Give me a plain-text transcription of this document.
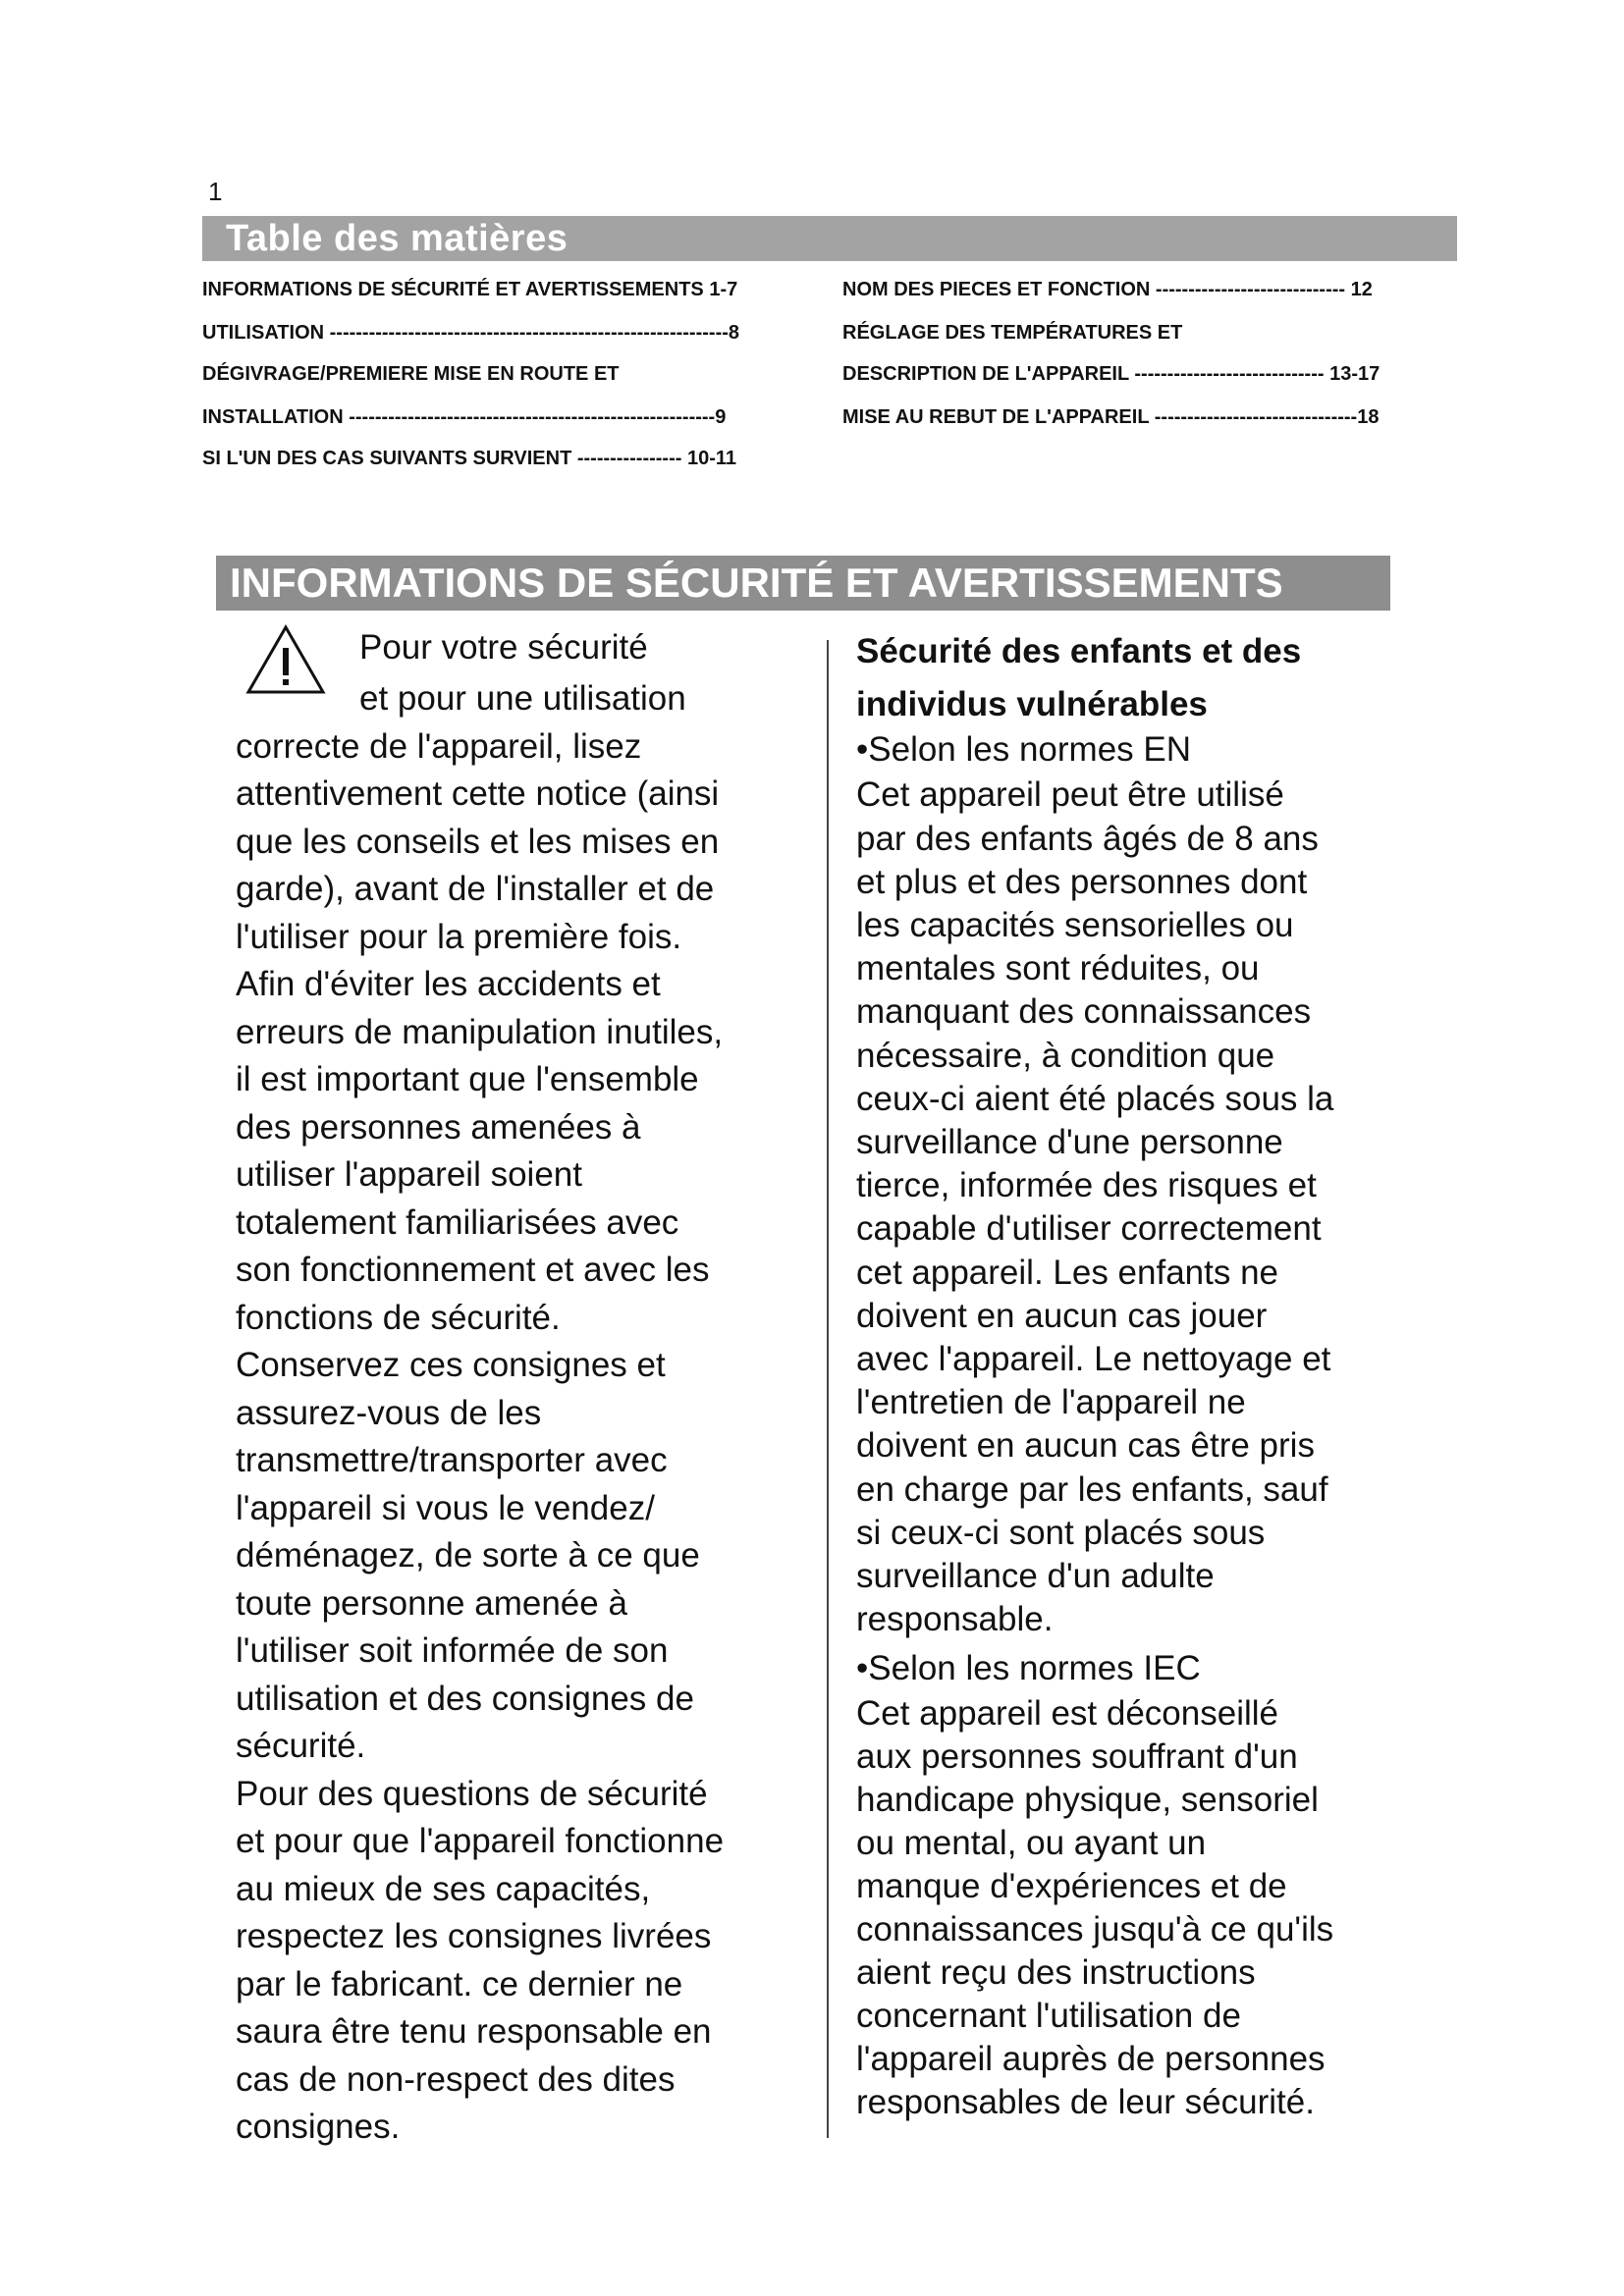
1
Table des matières
INFORMATIONS DE SÉCURITÉ ET AVERTISSEMENTS 1-7
UTILISATION -------------------------------------------------------------8
DÉGIVRAGE/PREMIERE MISE EN ROUTE ET
INSTALLATION --------------------------------------------------------9
SI L'UN DES CAS SUIVANTS SURVIENT ---------------- 10-11
NOM DES PIECES ET FONCTION ----------------------------- 12
RÉGLAGE DES TEMPÉRATURES ET
DESCRIPTION DE L'APPAREIL ----------------------------- 13-17
MISE AU REBUT DE L'APPAREIL -------------------------------18
INFORMATIONS DE SÉCURITÉ ET AVERTISSEMENTS
Pour votre sécurité
et pour une utilisation
correcte de l'appareil, lisez
attentivement cette notice (ainsi
que les conseils et les mises en
garde), avant de l'installer et de
l'utiliser pour la première fois.
Afin d'éviter les accidents et
erreurs de manipulation inutiles,
il est important que l'ensemble
des personnes amenées à
utiliser l'appareil soient
totalement familiarisées avec
son fonctionnement et avec les
fonctions de sécurité.
Conservez ces consignes et
assurez-vous de les
transmettre/transporter avec
l'appareil si vous le vendez/
déménagez, de sorte à ce que
toute personne amenée à
l'utiliser soit informée de son
utilisation et des consignes de
sécurité.
Pour des questions de sécurité
et pour que l'appareil fonctionne
au mieux de ses capacités,
respectez les consignes livrées
par le fabricant. ce dernier ne
saura être tenu responsable en
cas de non-respect des dites
consignes.
Sécurité des enfants et des
individus vulnérables
•Selon les normes EN
Cet appareil peut être utilisé
par des enfants âgés de 8 ans
et plus et des personnes dont
les capacités sensorielles ou
mentales sont réduites, ou
manquant des connaissances
nécessaire, à condition que
ceux-ci aient été placés sous la
surveillance d'une personne
tierce, informée des risques et
capable d'utiliser correctement
cet appareil. Les enfants ne
doivent en aucun cas jouer
avec l'appareil. Le nettoyage et
l'entretien de l'appareil ne
doivent en aucun cas être pris
en charge par les enfants, sauf
si ceux-ci sont placés sous
surveillance d'un adulte
responsable.
•Selon les normes IEC
Cet appareil est déconseillé
aux personnes souffrant d'un
handicape physique, sensoriel
ou mental, ou ayant un
manque d'expériences et de
connaissances jusqu'à ce qu'ils
aient reçu des instructions
concernant l'utilisation de
l'appareil auprès de personnes
responsables de leur sécurité.
